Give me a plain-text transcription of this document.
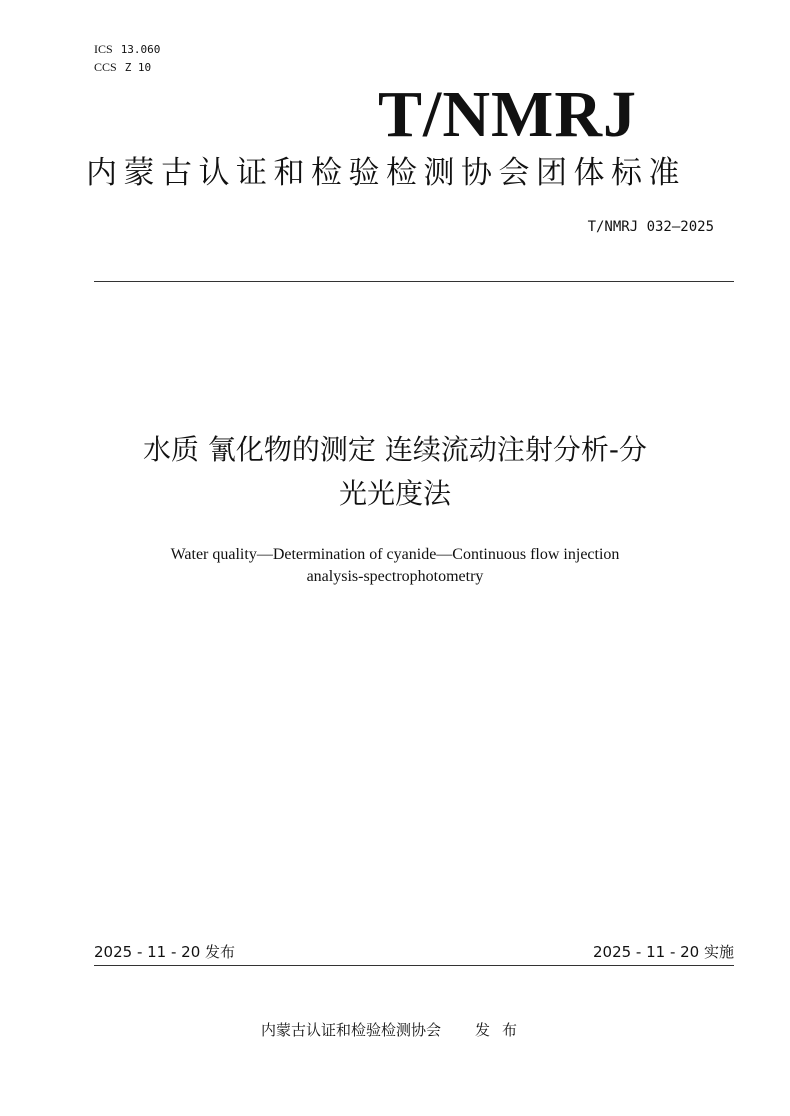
ICS 13.060
CCS Z 10
T/NMRJ
内蒙古认证和检验检测协会团体标准
T/NMRJ 032—2025
水质 氰化物的测定 连续流动注射分析-分
光光度法
Water quality—Determination of cyanide—Continuous flow injection
analysis-spectrophotometry
2025 - 11 - 20 发布	2025 - 11 - 20 实施
内蒙古认证和检验检测协会 发布
